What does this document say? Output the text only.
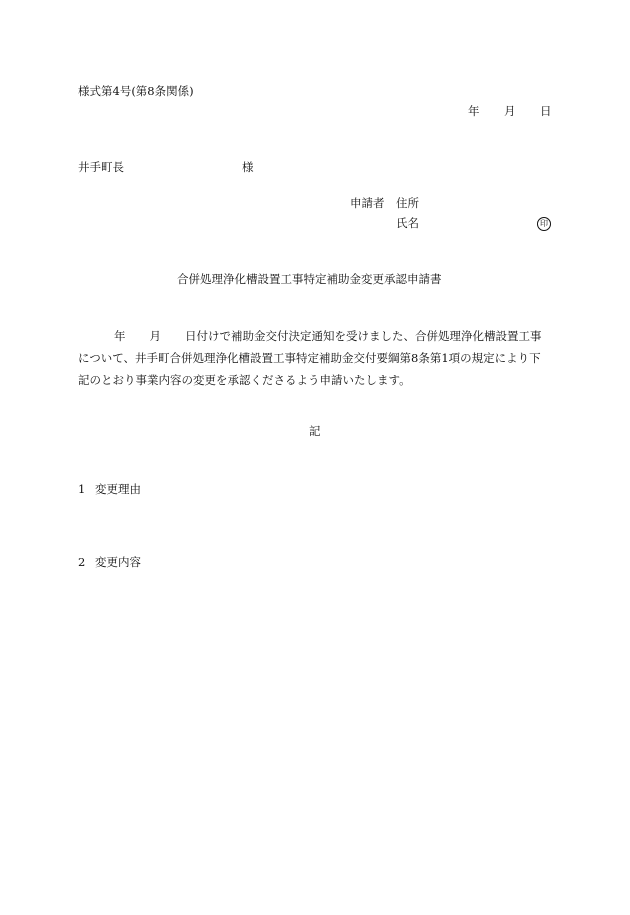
様式第4号(第8条関係)
年 月 日
井手町長	様
申請者 住所
氏名	印
合併処理浄化槽設置工事特定補助金変更承認申請書
年 月 日付けで補助金交付決定通知を受けました、合併処理浄化槽設置工事
について、井手町合併処理浄化槽設置工事特定補助金交付要綱第8条第1項の規定により下
記のとおり事業内容の変更を承認くださるよう申請いたします。
記
1 変更理由
2 変更内容
